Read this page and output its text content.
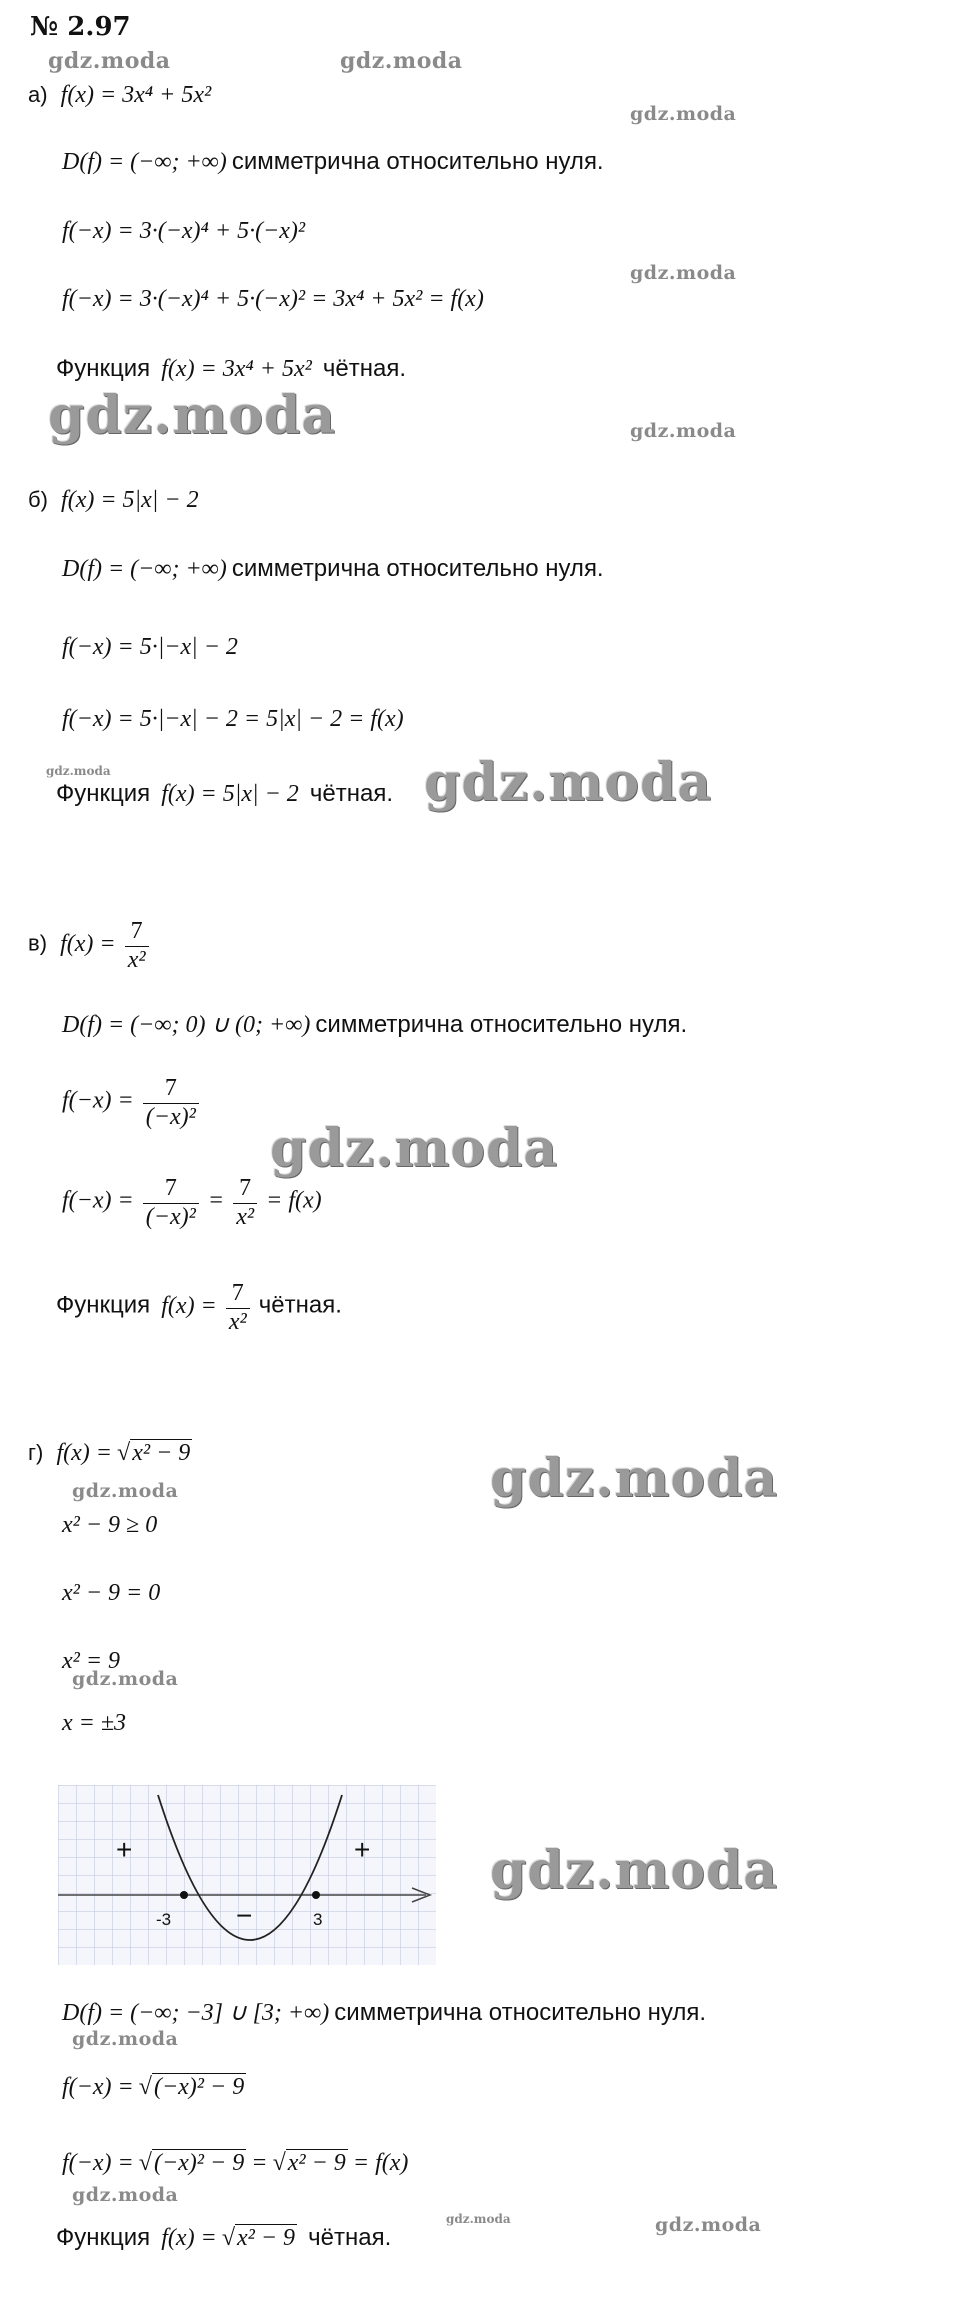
№ 2.97
gdz.moda	gdz.moda
gdz.moda
gdz.moda
gdz.moda	gdz.moda
gdz.moda	gdz.moda
gdz.moda
gdz.moda	gdz.moda
gdz.moda
gdz.moda
gdz.moda
gdz.moda
gdz.moda	gdz.moda
а) f(x) = 3x⁴ + 5x²
D(f) = (−∞; +∞) симметрична относительно нуля.
f(−x) = 3·(−x)⁴ + 5·(−x)²
f(−x) = 3·(−x)⁴ + 5·(−x)² = 3x⁴ + 5x² = f(x)
Функция f(x) = 3x⁴ + 5x² чётная.
б) f(x) = 5|x| − 2
D(f) = (−∞; +∞) симметрична относительно нуля.
f(−x) = 5·|−x| − 2
f(−x) = 5·|−x| − 2 = 5|x| − 2 = f(x)
Функция f(x) = 5|x| − 2 чётная.
в) $f(x) = \frac{7}{\text{x²}}$
D(f) = (−∞; 0) ∪ (0; +∞) симметрична относительно нуля.
$f(-x) = \frac{7}{\text{(−x)²}}$
$f(-x) = \frac{7}{\text{(−x)²}} = \frac{7}{\text{x²}} = f(x)$
Функция $f(x) = \frac{7}{\text{x²}}$ чётная.
г) f(x) = √x² − 9
x² − 9 ≥ 0
x² − 9 = 0
x² = 9
x = ±3
+	+
−
-3	3
D(f) = (−∞; −3] ∪ [3; +∞) симметрична относительно нуля.
f(−x) = √(−x)² − 9
f(−x) = √(−x)² − 9 = √x² − 9 = f(x)
Функция f(x) = √x² − 9 чётная.
